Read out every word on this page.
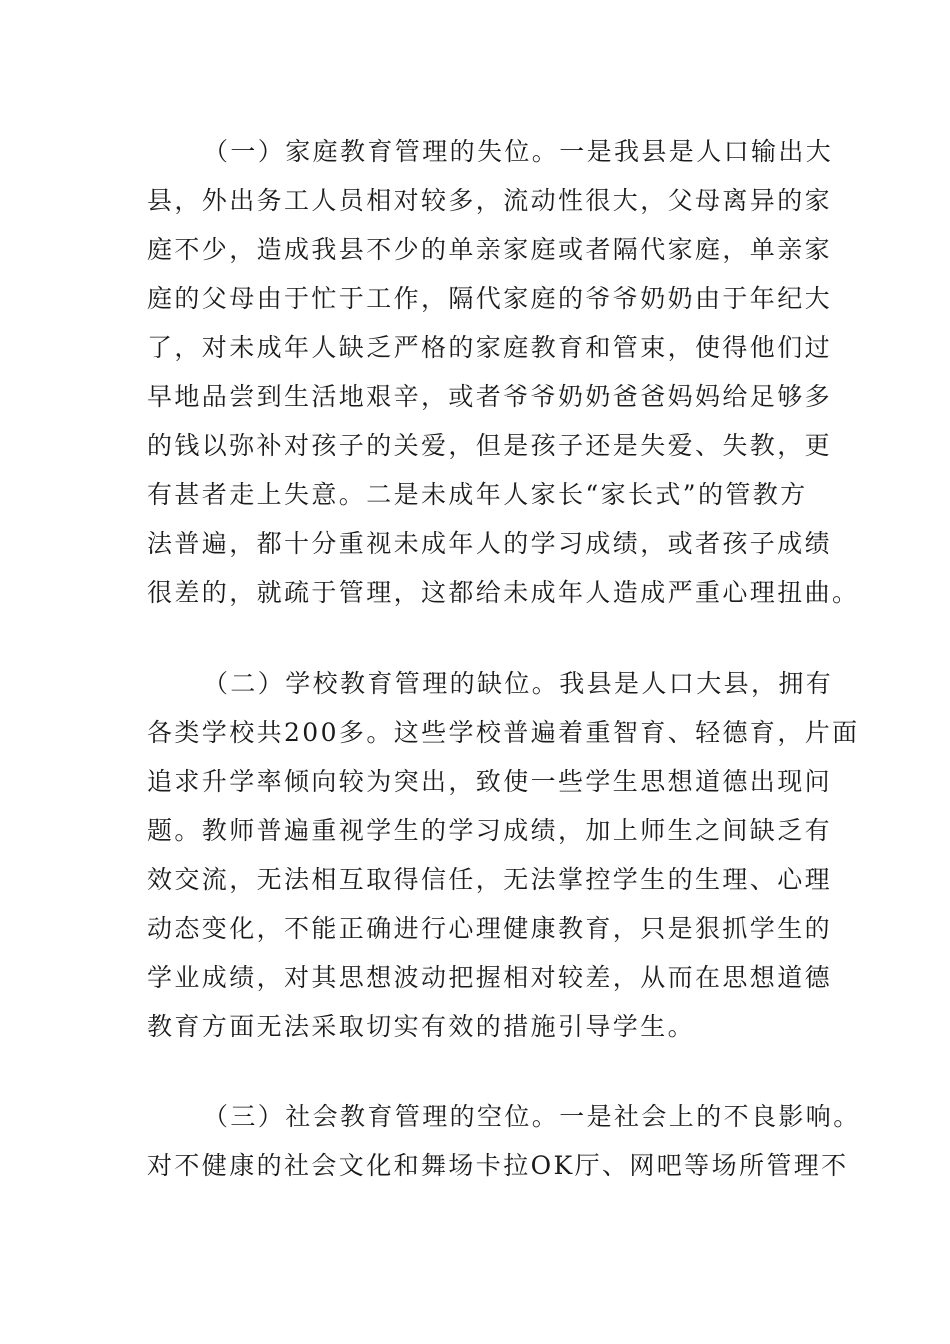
（一）家庭教育管理的失位。一是我县是人口输出大
县，外出务工人员相对较多，流动性很大，父母离异的家
庭不少，造成我县不少的单亲家庭或者隔代家庭，单亲家
庭的父母由于忙于工作，隔代家庭的爷爷奶奶由于年纪大
了，对未成年人缺乏严格的家庭教育和管束，使得他们过
早地品尝到生活地艰辛，或者爷爷奶奶爸爸妈妈给足够多
的钱以弥补对孩子的关爱，但是孩子还是失爱、失教，更
有甚者走上失意。二是未成年人家长“家长式”的管教方
法普遍，都十分重视未成年人的学习成绩，或者孩子成绩
很差的，就疏于管理，这都给未成年人造成严重心理扭曲。
（二）学校教育管理的缺位。我县是人口大县，拥有
各类学校共200多。这些学校普遍着重智育、轻德育，片面
追求升学率倾向较为突出，致使一些学生思想道德出现问
题。教师普遍重视学生的学习成绩，加上师生之间缺乏有
效交流，无法相互取得信任，无法掌控学生的生理、心理
动态变化，不能正确进行心理健康教育，只是狠抓学生的
学业成绩，对其思想波动把握相对较差，从而在思想道德
教育方面无法采取切实有效的措施引导学生。
（三）社会教育管理的空位。一是社会上的不良影响。
对不健康的社会文化和舞场卡拉OK厅、网吧等场所管理不
